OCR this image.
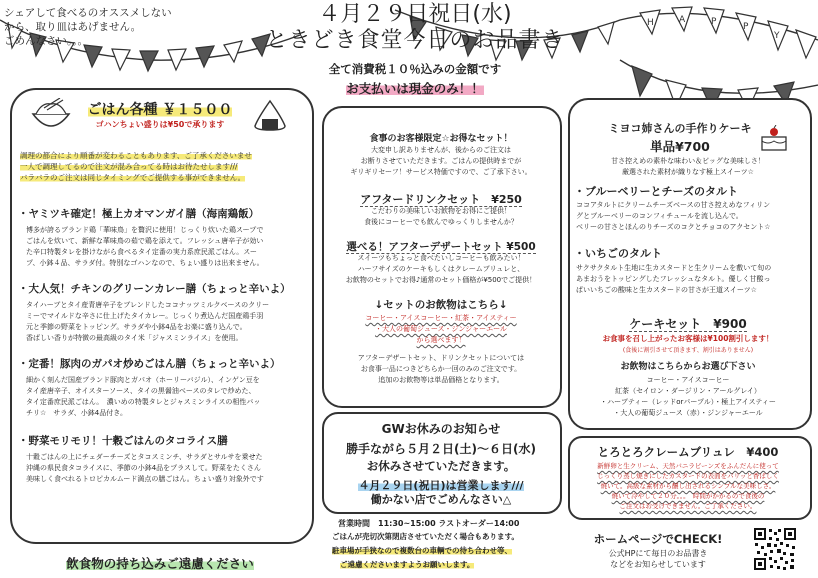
H	A	P	P
Y
シェアして食べるのオススメしない
から、取り皿はあげません。
ごめんなさい。。。
４月２９日祝日(水)
ときどき食堂今日のお品書き
全て消費税１０％込みの金額です
お支払いは現金のみ！！
ごはん各種 ￥１５００
ゴハンちょい盛りは¥50で承ります
調理の都合により順番が変わることもあります、ご了承くださいませ
一人で調理してるので注文が混み合ってる時はお待たせします///
バラバラのご注文は同じタイミングでご提供する事ができません。
・ ヤミツキ確定！極上カオマンガイ膳（海南鶏飯）
博多が誇るブランド鶏「華味鳥」を贅沢に使用！じっくり炊いた鶏スープで
ごはんを炊いて、新鮮な華味鳥の茹で鶏を添えて。フレッシュ唐辛子が効い
た辛口特製タレを掛けながら食べるタイ定番の実力系庶民派ごはん。スー
プ、小鉢４品、サラダ付。特別なゴハンなので、ちょい盛りは出来ません。
・ 大人気！チキンのグリーンカレー膳（ちょっと辛いよ）
タイハーブとタイ産青唐辛子をブレンドしたココナッツミルクベースのクリー
ミーでマイルドな辛さに仕上げたタイカレー。じっくり煮込んだ国産鶏手羽
元と季節の野菜をトッピング。サラダや小鉢4品をお楽に盛り込んで。
香ばしい香りが特徴の最高級のタイ米「ジャスミンライス」を使用。
・ 定番！豚肉のガパオ炒めごはん膳（ちょっと辛いよ）
細かく刻んだ国産ブランド豚肉とガパオ（ホーリーバジル）、インゲン豆を
タイ産唐辛子、オイスターソース、タイの黒醤油ベースのタレで炒めた、
タイ定番庶民派ごはん。　濃いめの特製タレとジャスミンライスの相性バッ
チリ☆　サラダ、小鉢4品付き。
・ 野菜モリモリ！十穀ごはんのタコライス膳
十穀ごはんの上にチェダーチーズとタコスミンチ、サラダとサルサを乗せた
沖縄の県民食タコライスに、季節の小鉢4品をプラスして。野菜をたくさん
美味しく食べれるトロピカルムード満点の膳ごはん。ちょい盛り対象外です
飲食物の持ち込みご遠慮ください
食事のお客様限定☆お得なセット！
大変申し訳ありませんが、後からのご注文は
お断りさせていただきます。ごはんの提供時までが
ギリギリセーフ！サービス特価ですので、ご了承下さい。
アフタードリンクセット　¥250
こだわりの美味しいお飲物をお得にご提供！
食後にコーヒーでも飲んでゆっくりしませんか？
選べる！アフターデザートセット ¥500
スイーツもちょっと食べたいしコーヒーも飲みたい！
ハーフサイズのケーキもしくはクレームブリュレと、
お飲物のセットでお得♪通常のセット価格が¥500でご提供！
↓セットのお飲物はこちら↓
コーヒー・アイスコーヒー・紅茶・アイスティー
・大人の葡萄ジュース・ジンジャーエール
から選べます！
アフターデザートセット、ドリンクセットについては
お食事一品につきどちらか一回のみのご注文です。
追加のお飲物等は単品価格となります。
GWお休みのお知らせ
勝手ながら５月２日(土)〜６日(水)
お休みさせていただきます。
４月２９日(祝日)は営業します///
働かない店でごめんなさい△
営業時間　11:30~15:00 ラストオーダー14:00
ごはんが売切次第閉店させていただく場合もあります。
駐車場が手狭なので複数台の車輌での待ち合わせ等、
ご遠慮くださいますようお願いします。
ミヨコ姉さんの手作りケーキ
単品¥700
甘さ控えめの素朴な味わい＆ビッグな美味しさ！
厳選された素材が織りなす極上スイーツ☆
・ ブルーベリーとチーズのタルト
ココアタルトにクリームチーズベースの甘さ控えめなフィリン
グとブルーベリーのコンフィチュールを流し込んで。
ベリーの甘さとほんのりチーズのコクとチョコのアクセント☆
・ いちごのタルト
サクサクタルト生地に生カスタードと生クリームを敷いて旬の
あまおうをトッピングしたフレッシュなタルト。優しく甘酸っ
ぱいいちごの酸味と生カスタードの甘さが王道スイーツ☆
ケーキセット　¥900
お食事を召し上がったお客様は¥100割引します！
(食後に割引させて頂きます、割引はありません)
お飲物はこちらからお選び下さい
コーヒー・アイスコーヒー
紅茶（セイロン・ダージリン・アールグレイ）
・ハーブティー（レッドorパープル）・極上アイスティー
・大人の葡萄ジュース（赤）・ジンジャーエール
とろとろクレームブリュレ　¥400
新鮮卵と生クリーム、天然バニラビーンズをふんだんに使って
じっくり蒸し焼きにしたカスタードの表面をパリッと香ばしく
焼いて。高級な素材から醸し出されるシンプルな美味しさ。
焼いて冷やして２０分。。。　時間がかかるので食後の
ご注文はお受けできません。ご了承ください。
ホームページでCHECK!
公式HPにて毎日のお品書き
などをお知らせしています
